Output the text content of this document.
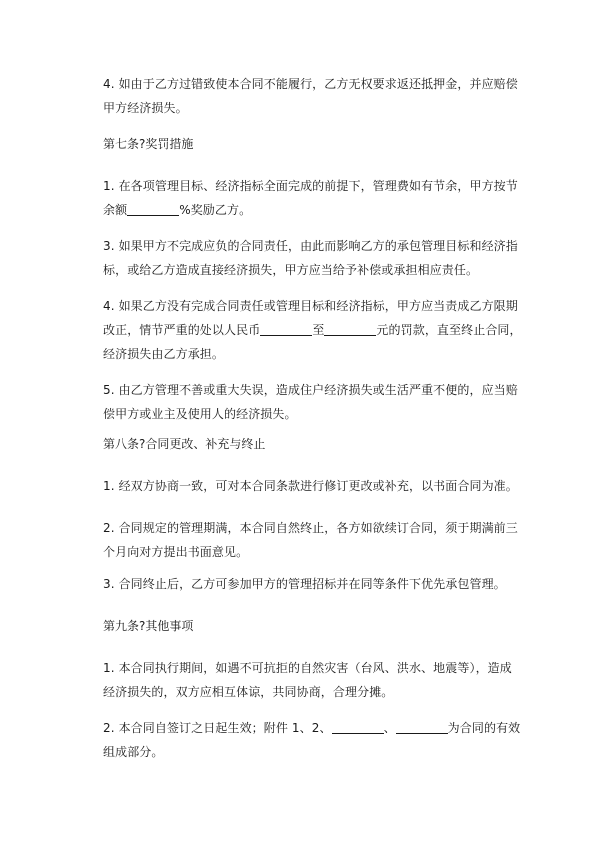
4. 如由于乙方过错致使本合同不能履行，乙方无权要求返还抵押金，并应赔偿甲方经济损失。

第七条?奖罚措施

1. 在各项管理目标、经济指标全面完成的前提下，管理费如有节余，甲方按节余额	%奖励乙方。

3. 如果甲方不完成应负的合同责任，由此而影响乙方的承包管理目标和经济指标，或给乙方造成直接经济损失，甲方应当给予补偿或承担相应责任。

4. 如果乙方没有完成合同责任或管理目标和经济指标，甲方应当责成乙方限期改正，情节严重的处以人民币	至	元的罚款，直至终止合同，经济损失由乙方承担。

5. 由乙方管理不善或重大失误，造成住户经济损失或生活严重不便的，应当赔偿甲方或业主及使用人的经济损失。

第八条?合同更改、补充与终止

1. 经双方协商一致，可对本合同条款进行修订更改或补充，以书面合同为准。

2. 合同规定的管理期满，本合同自然终止，各方如欲续订合同，须于期满前三个月向对方提出书面意见。

3. 合同终止后，乙方可参加甲方的管理招标并在同等条件下优先承包管理。

第九条?其他事项

1. 本合同执行期间，如遇不可抗拒的自然灾害（台风、洪水、地震等），造成经济损失的，双方应相互体谅，共同协商，合理分摊。

2. 本合同自签订之日起生效；附件 1、2、	、	为合同的有效组成部分。
